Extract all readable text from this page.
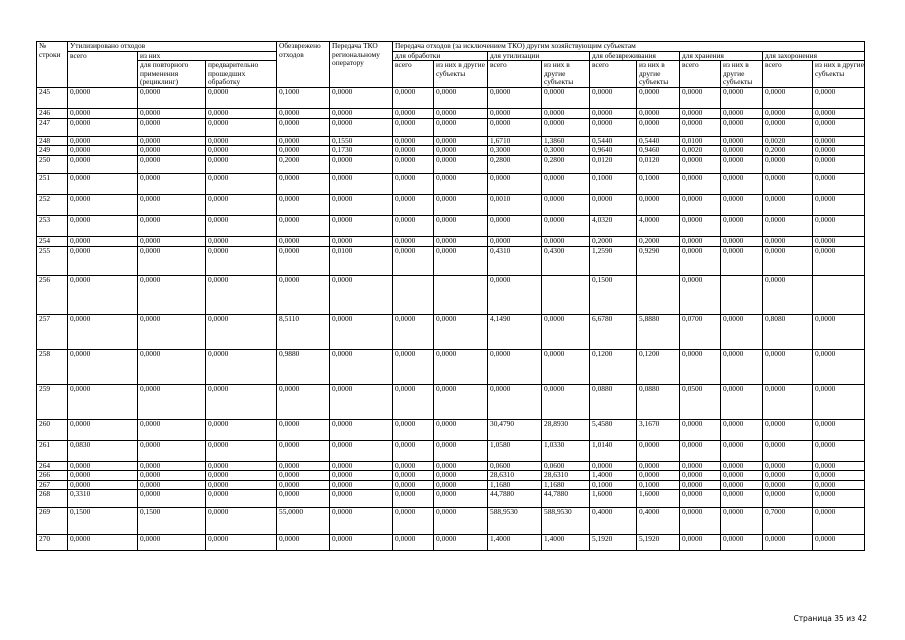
№
строки	Утилизировано отходов			Обезврежено отходов	Передача ТКО региональному оператору	Передача отходов (за исключением ТКО) другим хозяйствующим субъектам									
	всего	из них				для обработки		для утилизации		для обезвреживания		для хранения		для захоронения	
		для повторного применения (рециклинг)	предварительно прошедших обработку			всего	из них в другие субъекты	всего	из них в другие субъекты	всего	из них в другие субъекты	всего	из них в другие субъекты	всего	из них в другие субъекты
245	0,0000	0,0000	0,0000	0,1000	0,0000	0,0000	0,0000	0,0000	0,0000	0,0000	0,0000	0,0000	0,0000	0,0000	0,0000
246	0,0000	0,0000	0,0000	0,0000	0,0000	0,0000	0,0000	0,0000	0,0000	0,0000	0,0000	0,0000	0,0000	0,0000	0,0000
247	0,0000	0,0000	0,0000	0,0000	0,0000	0,0000	0,0000	0,0000	0,0000	0,0000	0,0000	0,0000	0,0000	0,0000	0,0000
248	0,0000	0,0000	0,0000	0,0000	0,1550	0,0000	0,0000	1,6710	1,3860	0,5440	0,5440	0,0100	0,0000	0,0020	0,0000
249	0,0000	0,0000	0,0000	0,0000	0,1730	0,0000	0,0000	0,3000	0,3000	0,9640	0,9460	0,0020	0,0000	0,2000	0,0000
250	0,0000	0,0000	0,0000	0,2000	0,0000	0,0000	0,0000	0,2800	0,2800	0,0120	0,0120	0,0000	0,0000	0,0000	0,0000
251	0,0000	0,0000	0,0000	0,0000	0,0000	0,0000	0,0000	0,0000	0,0000	0,1000	0,1000	0,0000	0,0000	0,0000	0,0000
252	0,0000	0,0000	0,0000	0,0000	0,0000	0,0000	0,0000	0,0010	0,0000	0,0000	0,0000	0,0000	0,0000	0,0000	0,0000
253	0,0000	0,0000	0,0000	0,0000	0,0000	0,0000	0,0000	0,0000	0,0000	4,0320	4,0000	0,0000	0,0000	0,0000	0,0000
254	0,0000	0,0000	0,0000	0,0000	0,0000	0,0000	0,0000	0,0000	0,0000	0,2000	0,2000	0,0000	0,0000	0,0000	0,0000
255	0,0000	0,0000	0,0000	0,0000	0,0100	0,0000	0,0000	0,4310	0,4300	1,2590	0,9290	0,0000	0,0000	0,0000	0,0000
256	0,0000	0,0000	0,0000	0,0000	0,0000			0,0000		0,1500		0,0000		0,0000	
257	0,0000	0,0000	0,0000	8,5110	0,0000	0,0000	0,0000	4,1490	0,0000	6,6780	5,8880	0,0700	0,0000	0,8080	0,0000
258	0,0000	0,0000	0,0000	0,9880	0,0000	0,0000	0,0000	0,0000	0,0000	0,1200	0,1200	0,0000	0,0000	0,0000	0,0000
259	0,0000	0,0000	0,0000	0,0000	0,0000	0,0000	0,0000	0,0000	0,0000	0,0880	0,0880	0,0500	0,0000	0,0000	0,0000
260	0,0000	0,0000	0,0000	0,0000	0,0000	0,0000	0,0000	30,4790	28,8930	5,4580	3,1670	0,0000	0,0000	0,0000	0,0000
261	0,0830	0,0000	0,0000	0,0000	0,0000	0,0000	0,0000	1,0580	1,0330	1,0140	0,0000	0,0000	0,0000	0,0000	0,0000
264	0,0000	0,0000	0,0000	0,0000	0,0000	0,0000	0,0000	0,0600	0,0600	0,0000	0,0000	0,0000	0,0000	0,0000	0,0000
266	0,0000	0,0000	0,0000	0,0000	0,0000	0,0000	0,0000	28,6310	28,6310	1,4000	0,0000	0,0000	0,0000	0,0000	0,0000
267	0,0000	0,0000	0,0000	0,0000	0,0000	0,0000	0,0000	1,1680	1,1680	0,1000	0,1000	0,0000	0,0000	0,0000	0,0000
268	0,3310	0,0000	0,0000	0,0000	0,0000	0,0000	0,0000	44,7880	44,7880	1,6000	1,6000	0,0000	0,0000	0,0000	0,0000
269	0,1500	0,1500	0,0000	55,0000	0,0000	0,0000	0,0000	588,9530	588,9530	0,4000	0,4000	0,0000	0,0000	0,7000	0,0000
270	0,0000	0,0000	0,0000	0,0000	0,0000	0,0000	0,0000	1,4000	1,4000	5,1920	5,1920	0,0000	0,0000	0,0000	0,0000
Страница 35 из 42
